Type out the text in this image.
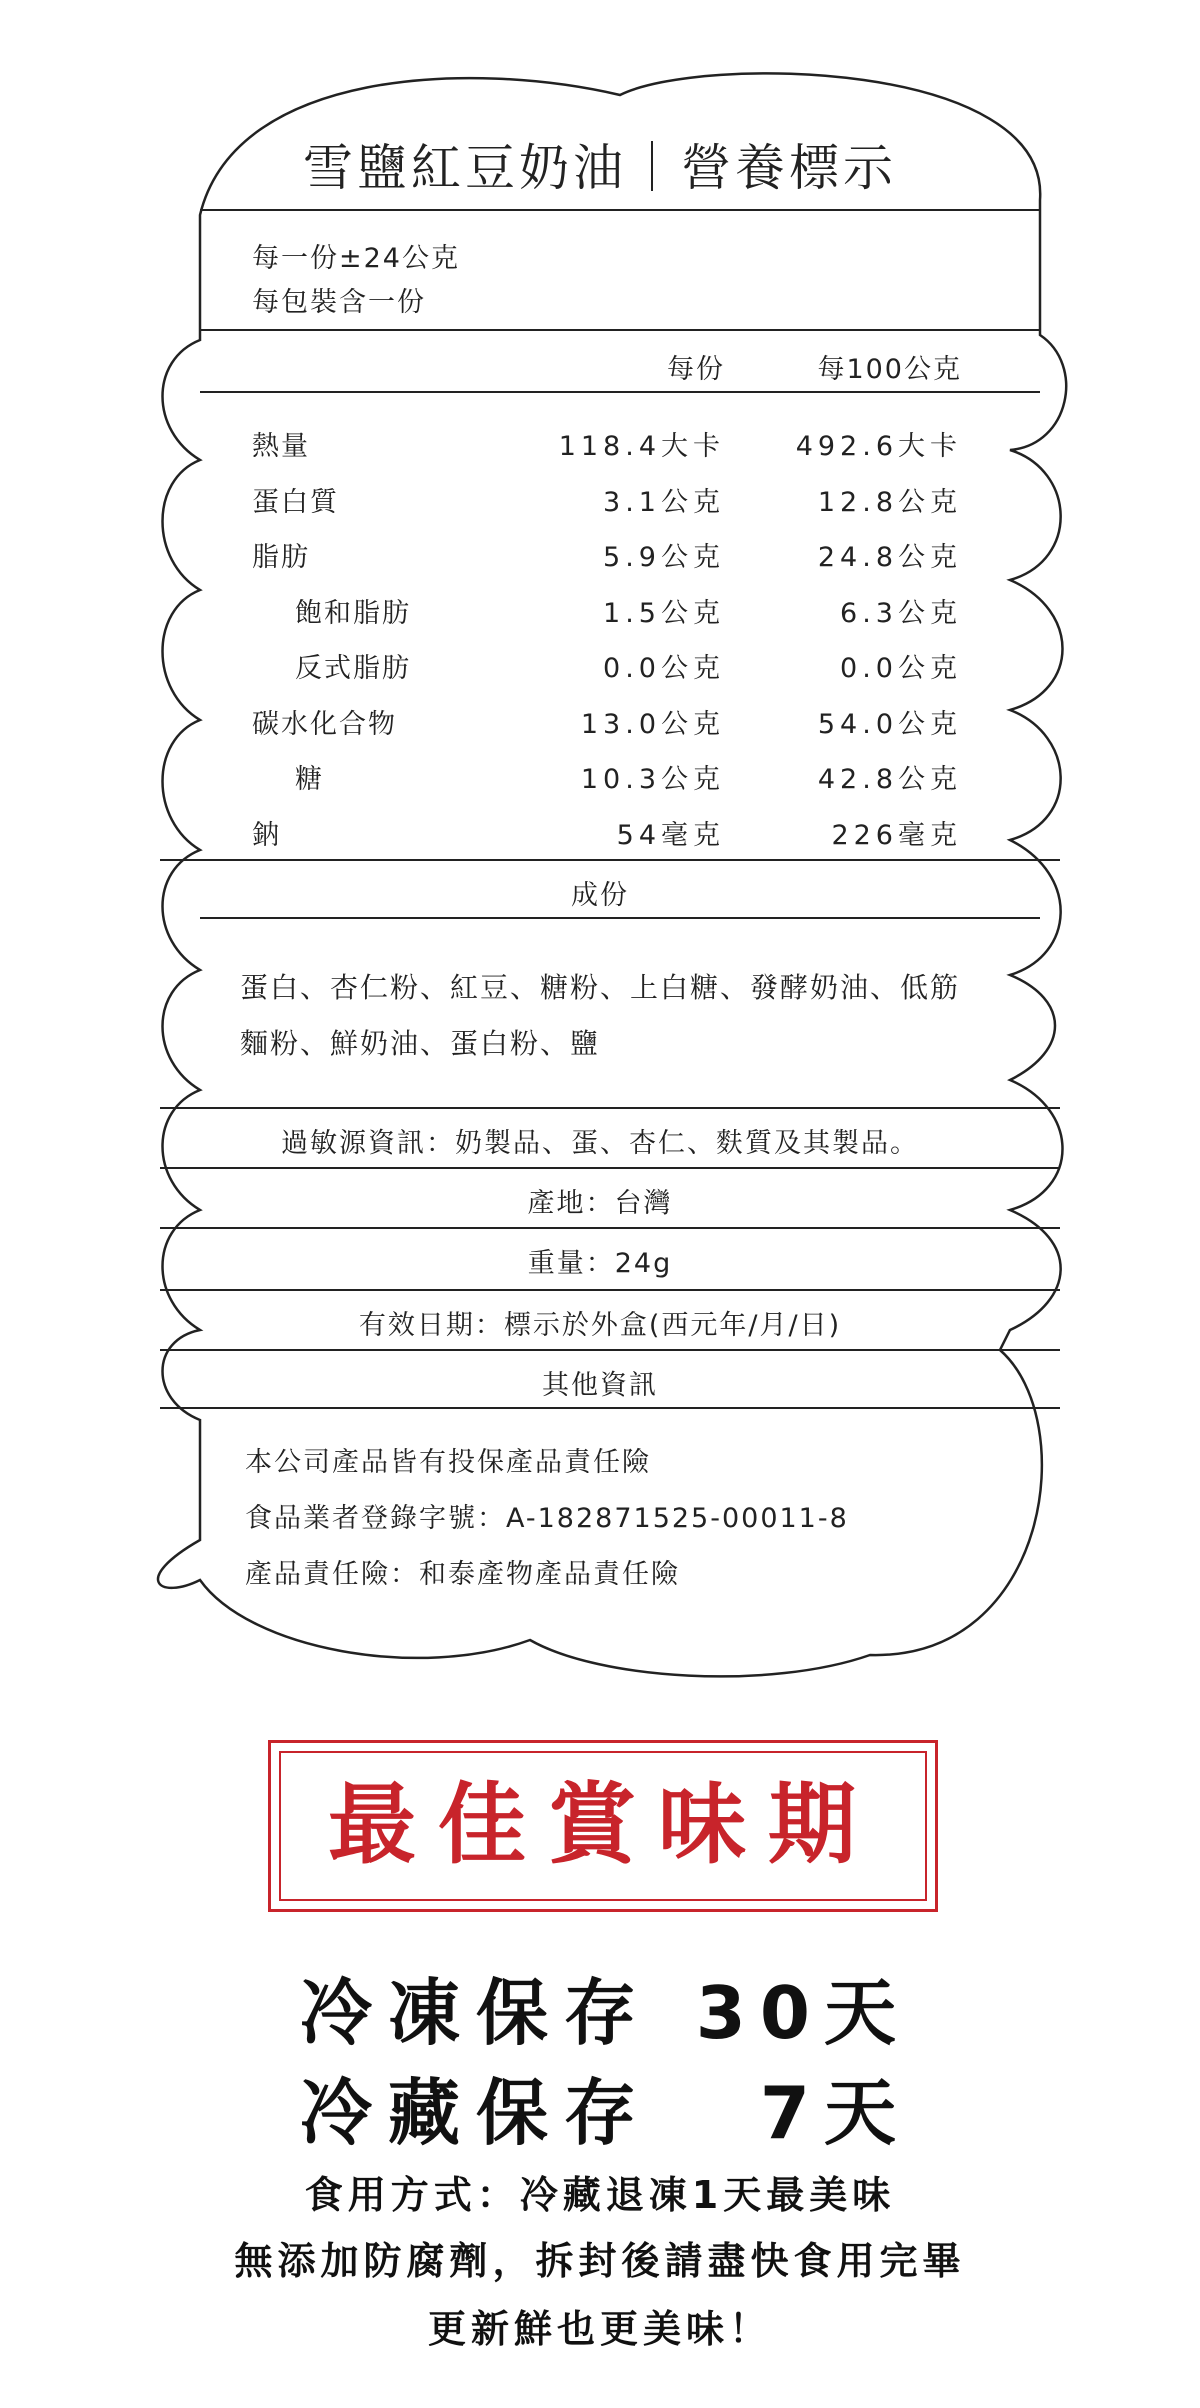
雪鹽紅豆奶油｜營養標示
每一份±24公克
每包裝含一份
每份	每100公克
熱量	118.4大卡	492.6大卡
蛋白質	3.1公克	12.8公克
脂肪	5.9公克	24.8公克
飽和脂肪	1.5公克	6.3公克
反式脂肪	0.0公克	0.0公克
碳水化合物	13.0公克	54.0公克
糖	10.3公克	42.8公克
鈉	54毫克	226毫克
成份
蛋白、杏仁粉、紅豆、糖粉、上白糖、發酵奶油、低筋
麵粉、鮮奶油、蛋白粉、鹽
過敏源資訊：奶製品、蛋、杏仁、麩質及其製品。
產地：台灣
重量：24g
有效日期：標示於外盒(西元年/月/日)
其他資訊
本公司產品皆有投保產品責任險
食品業者登錄字號：A-182871525-00011-8
產品責任險：和泰產物產品責任險
最佳賞味期
冷凍保存 30天
冷藏保存 7天
食用方式：冷藏退凍1天最美味
無添加防腐劑，拆封後請盡快食用完畢
更新鮮也更美味！
